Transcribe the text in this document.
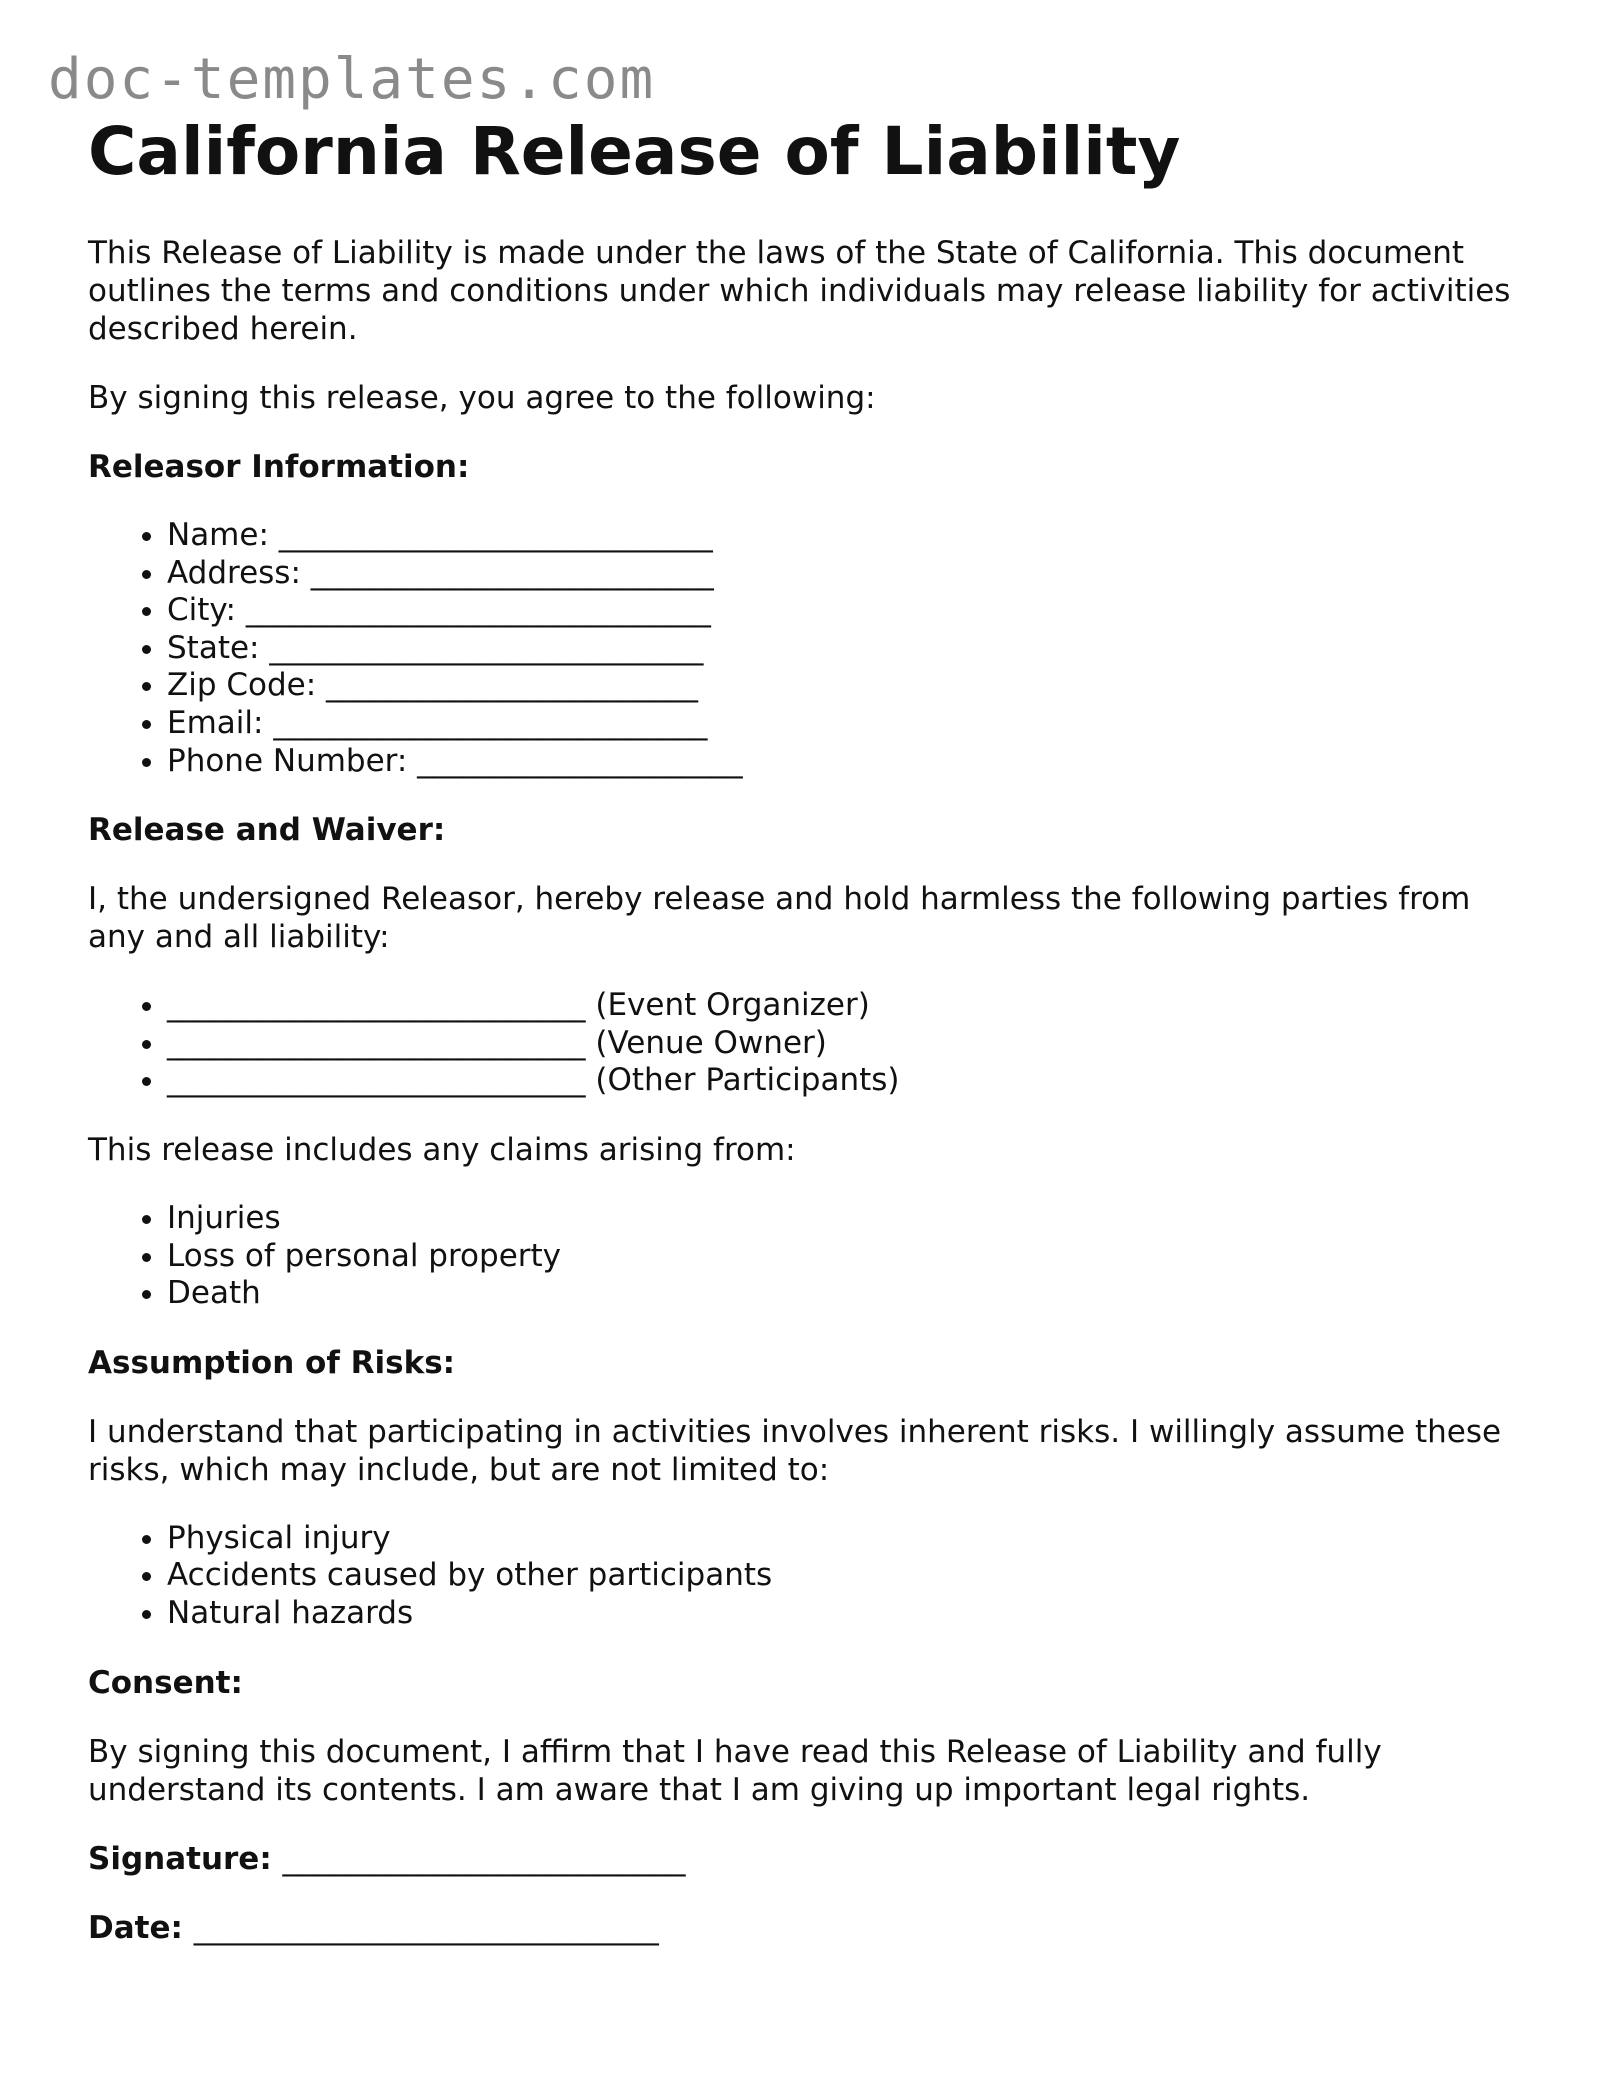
doc-templates.com
California Release of Liability

This Release of Liability is made under the laws of the State of California. This document outlines the terms and conditions under which individuals may release liability for activities described herein.

By signing this release, you agree to the following:

Releasor Information:

• Name: ____________________________
• Address: __________________________
• City: ______________________________
• State: ____________________________
• Zip Code: ________________________
• Email: ____________________________
• Phone Number: _____________________

Release and Waiver:

I, the undersigned Releasor, hereby release and hold harmless the following parties from any and all liability:

• ___________________________ (Event Organizer)
• ___________________________ (Venue Owner)
• ___________________________ (Other Participants)

This release includes any claims arising from:

• Injuries
• Loss of personal property
• Death

Assumption of Risks:

I understand that participating in activities involves inherent risks. I willingly assume these risks, which may include, but are not limited to:

• Physical injury
• Accidents caused by other participants
• Natural hazards

Consent:

By signing this document, I affirm that I have read this Release of Liability and fully understand its contents. I am aware that I am giving up important legal rights.

Signature: __________________________

Date: ______________________________
